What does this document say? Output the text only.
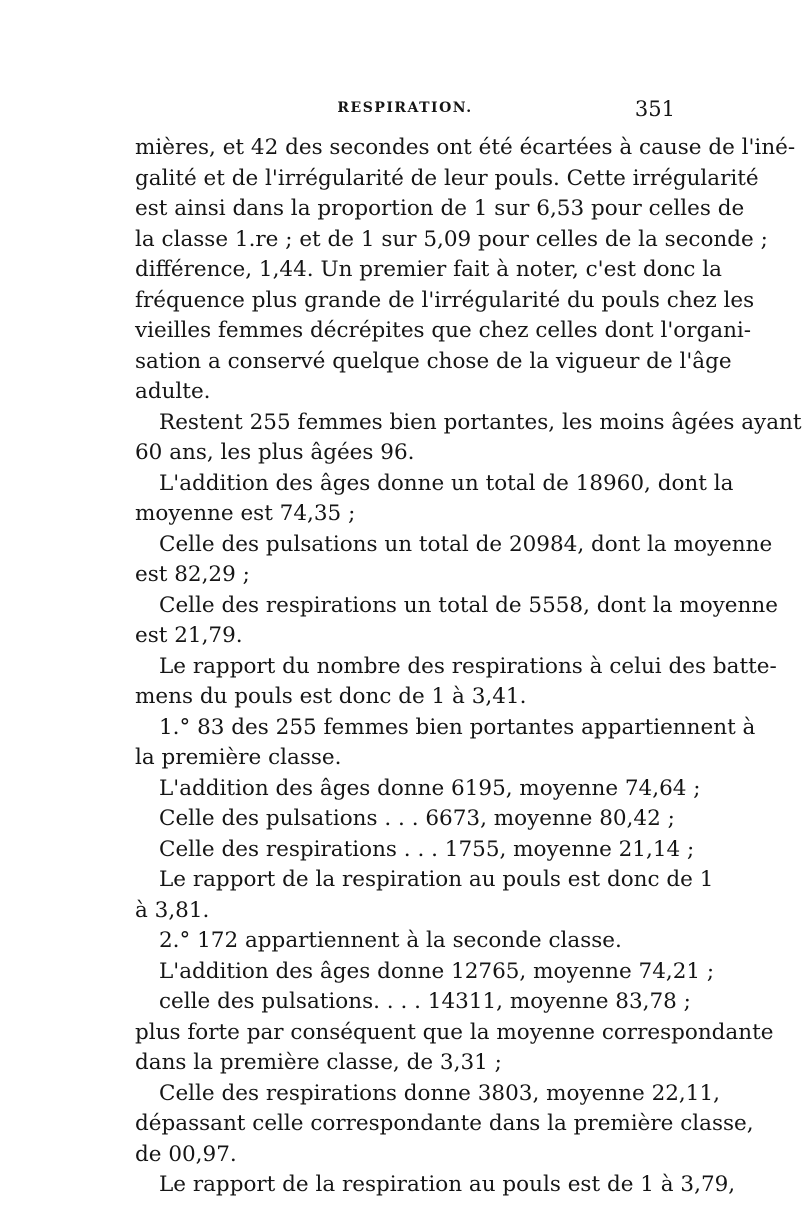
RESPIRATION.	351
mières, et 42 des secondes ont été écartées à cause de l'iné-
galité et de l'irrégularité de leur pouls. Cette irrégularité
est ainsi dans la proportion de 1 sur 6,53 pour celles de
la classe 1.re ; et de 1 sur 5,09 pour celles de la seconde ;
différence, 1,44. Un premier fait à noter, c'est donc la
fréquence plus grande de l'irrégularité du pouls chez les
vieilles femmes décrépites que chez celles dont l'organi-
sation a conservé quelque chose de la vigueur de l'âge
adulte.
Restent 255 femmes bien portantes, les moins âgées ayant
60 ans, les plus âgées 96.
L'addition des âges donne un total de 18960, dont la
moyenne est 74,35 ;
Celle des pulsations un total de 20984, dont la moyenne
est 82,29 ;
Celle des respirations un total de 5558, dont la moyenne
est 21,79.
Le rapport du nombre des respirations à celui des batte-
mens du pouls est donc de 1 à 3,41.
1.° 83 des 255 femmes bien portantes appartiennent à
la première classe.
L'addition des âges donne 6195, moyenne 74,64 ;
Celle des pulsations . . . 6673, moyenne 80,42 ;
Celle des respirations . . . 1755, moyenne 21,14 ;
Le rapport de la respiration au pouls est donc de 1
à 3,81.
2.° 172 appartiennent à la seconde classe.
L'addition des âges donne 12765, moyenne 74,21 ;
celle des pulsations. . . . 14311, moyenne 83,78 ;
plus forte par conséquent que la moyenne correspondante
dans la première classe, de 3,31 ;
Celle des respirations donne 3803, moyenne 22,11,
dépassant celle correspondante dans la première classe,
de 00,97.
Le rapport de la respiration au pouls est de 1 à 3,79,
